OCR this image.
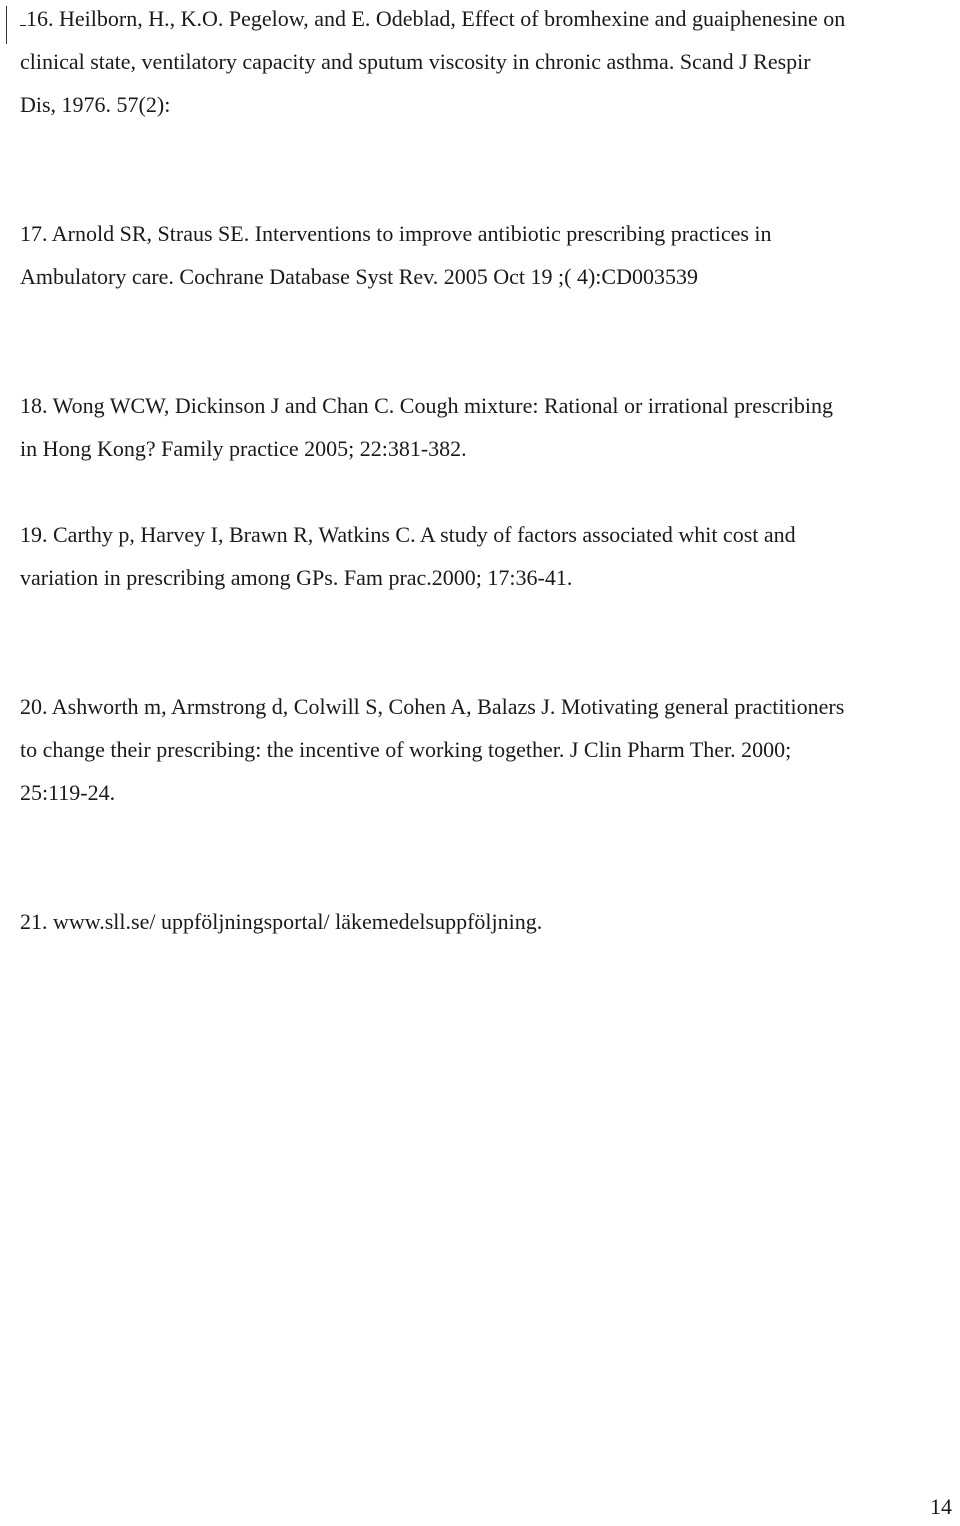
16. Heilborn, H., K.O. Pegelow, and E. Odeblad, Effect of bromhexine and guaiphenesine on
clinical state, ventilatory capacity and sputum viscosity in chronic asthma. Scand J Respir
Dis, 1976. 57(2):
17. Arnold SR, Straus SE. Interventions to improve antibiotic prescribing practices in
Ambulatory care. Cochrane Database Syst Rev. 2005 Oct 19 ;( 4):CD003539
18. Wong WCW, Dickinson J and Chan C. Cough mixture: Rational or irrational prescribing
in Hong Kong? Family practice 2005; 22:381-382.
19. Carthy p, Harvey I, Brawn R, Watkins C. A study of factors associated whit cost and
variation in prescribing among GPs. Fam prac.2000; 17:36-41.
20. Ashworth m, Armstrong d, Colwill S, Cohen A, Balazs J. Motivating general practitioners
to change their prescribing: the incentive of working together. J Clin Pharm Ther. 2000;
25:119-24.
21. www.sll.se/ uppföljningsportal/ läkemedelsuppföljning.
14
